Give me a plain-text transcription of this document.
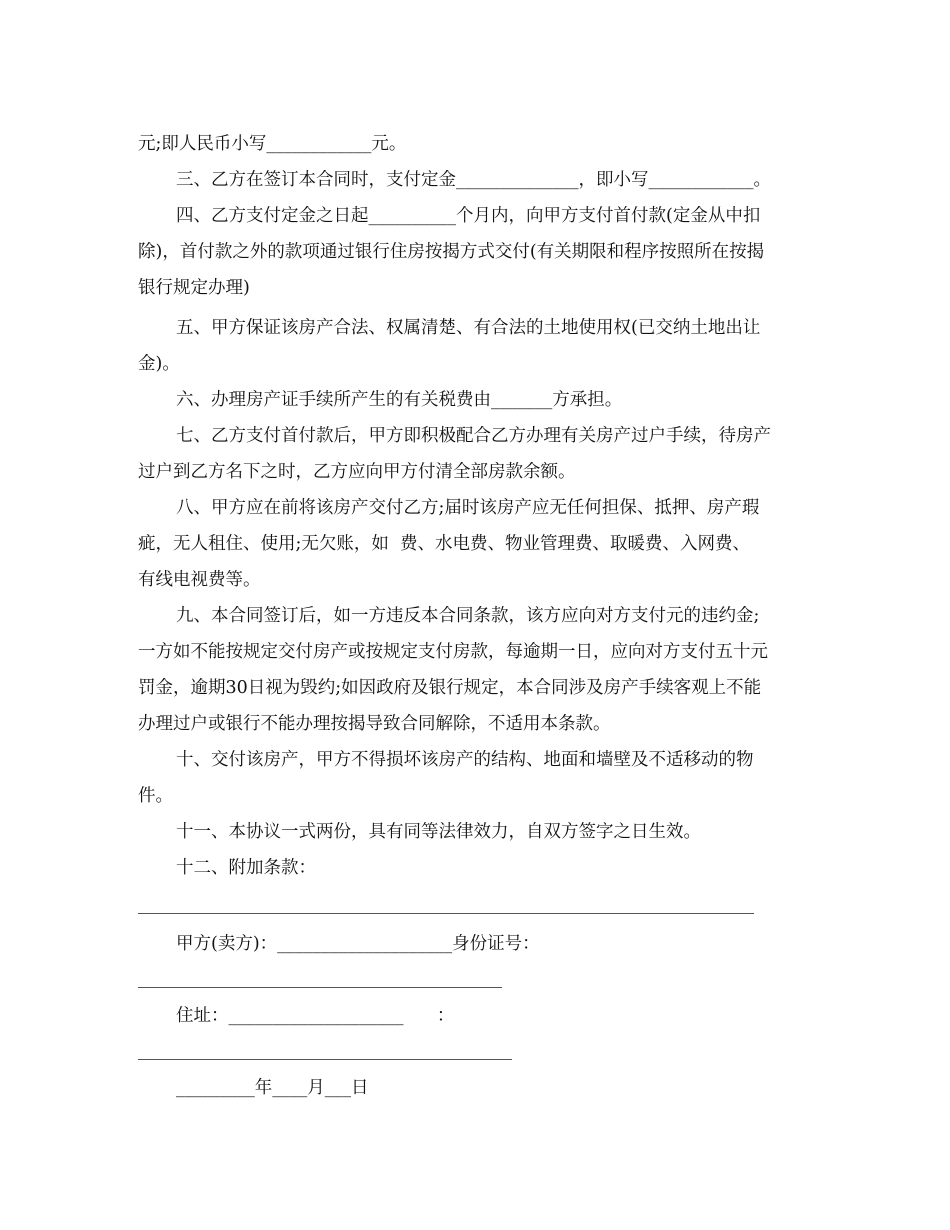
元;即人民币小写____________元。
三、乙方在签订本合同时，支付定金______________，即小写____________。
四、乙方支付定金之日起__________个月内，向甲方支付首付款(定金从中扣
除)，首付款之外的款项通过银行住房按揭方式交付(有关期限和程序按照所在按揭
银行规定办理)
五、甲方保证该房产合法、权属清楚、有合法的土地使用权(已交纳土地出让
金)。
六、办理房产证手续所产生的有关税费由_______方承担。
七、乙方支付首付款后，甲方即积极配合乙方办理有关房产过户手续，待房产
过户到乙方名下之时，乙方应向甲方付清全部房款余额。
八、甲方应在前将该房产交付乙方;届时该房产应无任何担保、抵押、房产瑕
疵，无人租住、使用;无欠账，如  费、水电费、物业管理费、取暖费、入网费、
有线电视费等。
九、本合同签订后，如一方违反本合同条款，该方应向对方支付元的违约金;
一方如不能按规定交付房产或按规定支付房款，每逾期一日，应向对方支付五十元
罚金，逾期30日视为毁约;如因政府及银行规定，本合同涉及房产手续客观上不能
办理过户或银行不能办理按揭导致合同解除，不适用本条款。
十、交付该房产，甲方不得损坏该房产的结构、地面和墙壁及不适移动的物
件。
十一、本协议一式两份，具有同等法律效力，自双方签字之日生效。
十二、附加条款：
甲方(卖方)：____________________身份证号：
住址：____________________      ：
_________年____月___日
